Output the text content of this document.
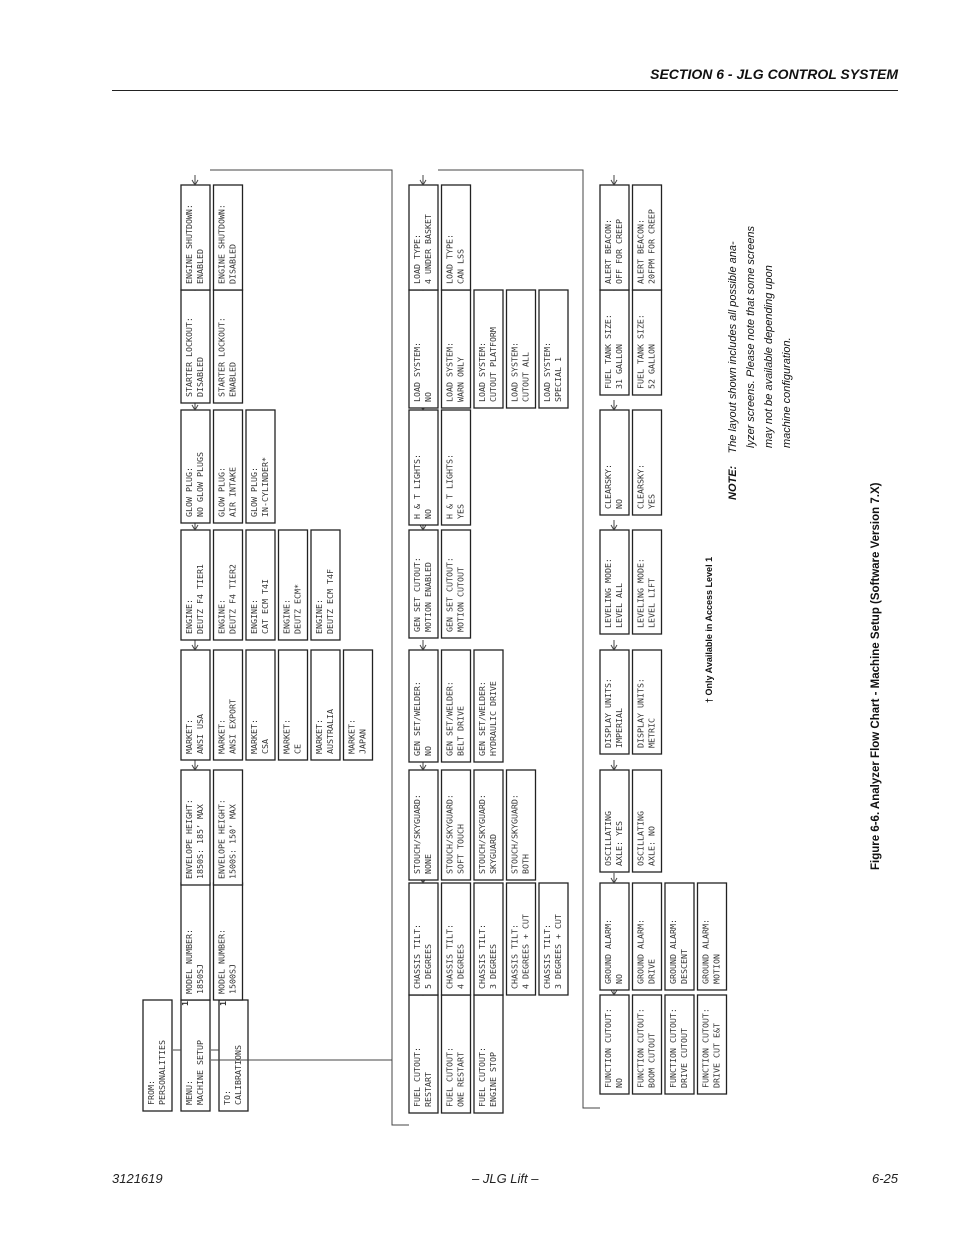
SECTION 6 - JLG CONTROL SYSTEM
FROM: PERSONALITIES MENU: MACHINE SETUP
1
TO: CALIBRATIONS
1
MODEL NUMBER: 1850SJ MODEL NUMBER: 1500SJ
ENVELOPE HEIGHT: 1850S: 185’ MAX ENVELOPE HEIGHT: 1500S: 150’ MAX
MARKET: ANSI USA MARKET: ANSI EXPORT MARKET: CSA MARKET: CE MARKET: AUSTRALIA MARKET: JAPAN
ENGINE: DEUTZ F4 TIER1 ENGINE: DEUTZ F4 TIER2 ENGINE: CAT ECM T4I ENGINE: DEUTZ ECM* ENGINE: DEUTZ ECM T4F
GLOW PLUG: NO GLOW PLUGS GLOW PLUG: AIR INTAKE GLOW PLUG: IN-CYLINDER*
STARTER LOCKOUT: DISABLED STARTER LOCKOUT: ENABLED
ENGINE SHUTDOWN: ENABLED ENGINE SHUTDOWN: DISABLED
FUEL CUTOUT: RESTART FUEL CUTOUT: ONE RESTART FUEL CUTOUT: ENGINE STOP
CHASSIS TILT: 5 DEGREES CHASSIS TILT: 4 DEGREES CHASSIS TILT: 3 DEGREES CHASSIS TILT: 4 DEGREES + CUT CHASSIS TILT: 3 DEGREES + CUT
STOUCH/SKYGUARD: NONE STOUCH/SKYGUARD: SOFT TOUCH STOUCH/SKYGUARD: SKYGUARD STOUCH/SKYGUARD: BOTH
GEN SET/WELDER: NO GEN SET/WELDER: BELT DRIVE GEN SET/WELDER: HYDRAULIC DRIVE
GEN SET CUTOUT: MOTION ENABLED GEN SET CUTOUT: MOTION CUTOUT
H & T LIGHTS: NO H & T LIGHTS: YES
LOAD SYSTEM: NO LOAD SYSTEM: WARN ONLY LOAD SYSTEM: CUTOUT PLATFORM LOAD SYSTEM: CUTOUT ALL LOAD SYSTEM: SPECIAL 1
LOAD TYPE: 4 UNDER BASKET LOAD TYPE: CAN LSS
FUNCTION CUTOUT: NO FUNCTION CUTOUT: BOOM CUTOUT FUNCTION CUTOUT: DRIVE CUTOUT FUNCTION CUTOUT: DRIVE CUT E&T
GROUND ALARM: NO GROUND ALARM: DRIVE GROUND ALARM: DESCENT GROUND ALARM: MOTION
OSCILLATING AXLE: YES OSCILLATING AXLE: NO
DISPLAY UNITS: IMPERIAL DISPLAY UNITS: METRIC
LEVELING MODE: LEVEL ALL LEVELING MODE: LEVEL LIFT
CLEARSKY: NO CLEARSKY: YES
FUEL TANK SIZE: 31 GALLON FUEL TANK SIZE: 52 GALLON
ALERT BEACON: OFF FOR CREEP ALERT BEACON: 20FPM FOR CREEP
Figure 6-6. Analyzer Flow Chart - Machine Setup (Software Version 7.X)
† Only Available in Access Level 1
NOTE:    The layout shown includes all possible ana- lyzer screens. Please note that some screens may not be available depending upon machine configuration.
3121619	– JLG Lift –	6-25
